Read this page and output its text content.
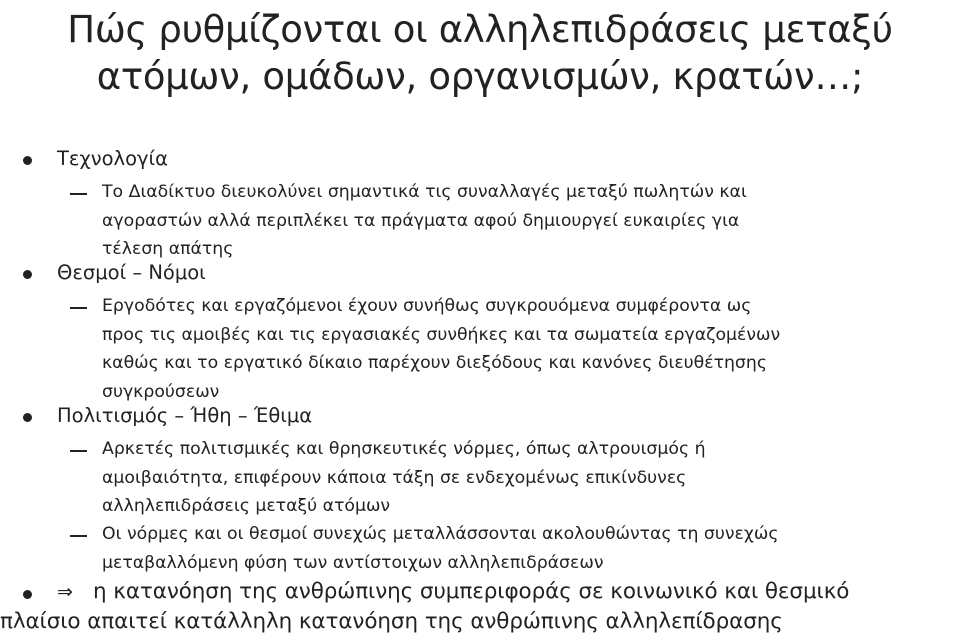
Πώς ρυθμίζονται οι αλληλεπιδράσεις μεταξύ
ατόμων, ομάδων, οργανισμών, κρατών…;
Τεχνολογία
Το Διαδίκτυο διευκολύνει σημαντικά τις συναλλαγές μεταξύ πωλητών και
αγοραστών αλλά περιπλέκει τα πράγματα αφού δημιουργεί ευκαιρίες για
τέλεση απάτης
Θεσμοί – Νόμοι
Εργοδότες και εργαζόμενοι έχουν συνήθως συγκρουόμενα συμφέροντα ως
προς τις αμοιβές και τις εργασιακές συνθήκες και τα σωματεία εργαζομένων
καθώς και το εργατικό δίκαιο παρέχουν διεξόδους και κανόνες διευθέτησης
συγκρούσεων
Πολιτισμός – Ήθη – Έθιμα
Αρκετές πολιτισμικές και θρησκευτικές νόρμες, όπως αλτρουισμός ή
αμοιβαιότητα, επιφέρουν κάποια τάξη σε ενδεχομένως επικίνδυνες
αλληλεπιδράσεις μεταξύ ατόμων
Οι νόρμες και οι θεσμοί συνεχώς μεταλλάσσονται ακολουθώντας τη συνεχώς
μεταβαλλόμενη φύση των αντίστοιχων αλληλεπιδράσεων
⇒ η κατανόηση της ανθρώπινης συμπεριφοράς σε κοινωνικό και θεσμικό
πλαίσιο απαιτεί κατάλληλη κατανόηση της ανθρώπινης αλληλεπίδρασης
